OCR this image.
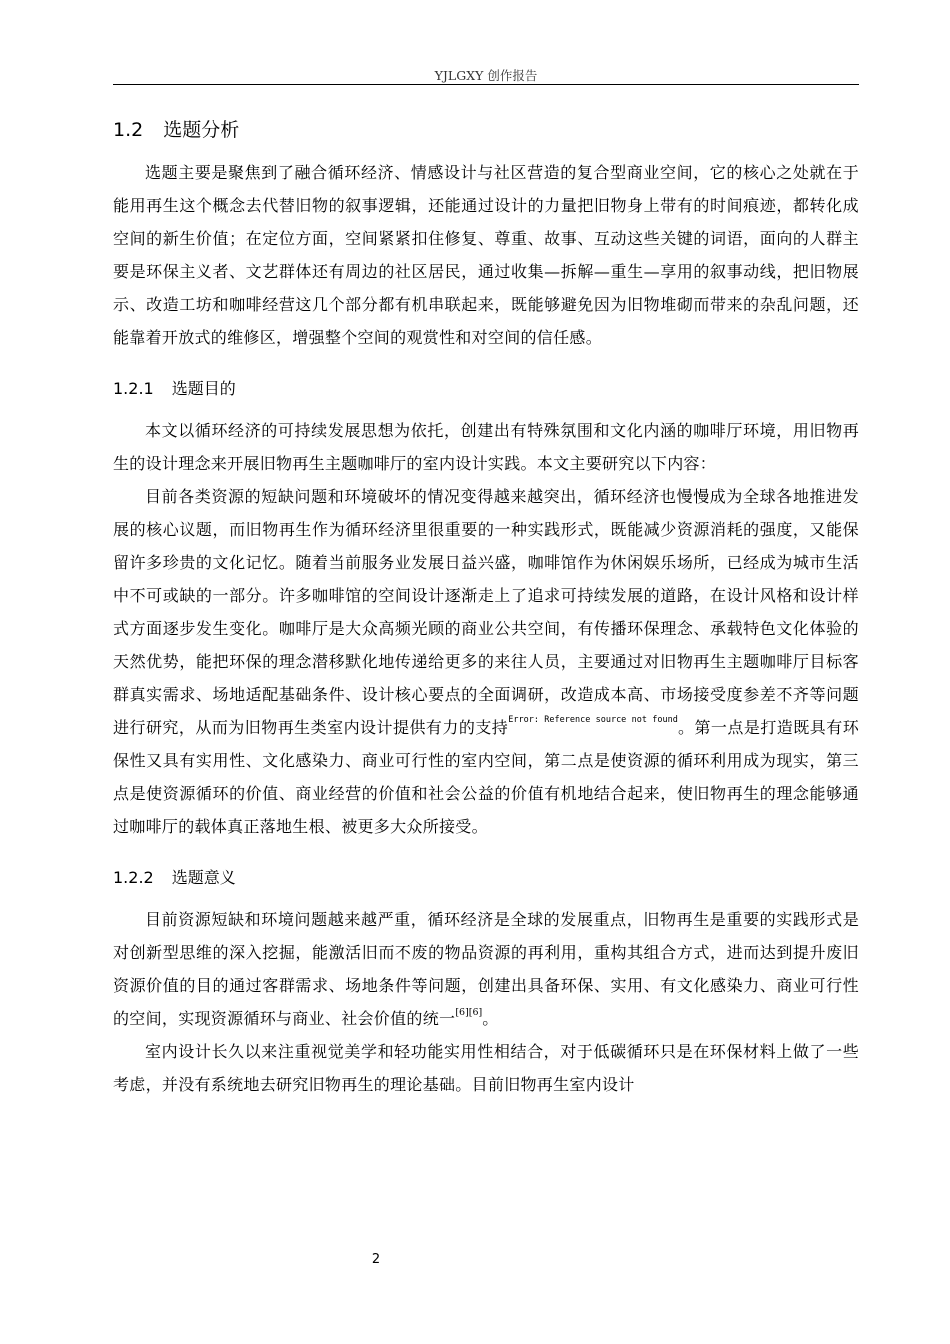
YJLGXY 创作报告
1.2 选题分析

选题主要是聚焦到了融合循环经济、情感设计与社区营造的复合型商业空间，它的核心之处就在于能用再生这个概念去代替旧物的叙事逻辑，还能通过设计的力量把旧物身上带有的时间痕迹，都转化成空间的新生价值；在定位方面，空间紧紧扣住修复、尊重、故事、互动这些关键的词语，面向的人群主要是环保主义者、文艺群体还有周边的社区居民，通过收集—拆解—重生—享用的叙事动线，把旧物展示、改造工坊和咖啡经营这几个部分都有机串联起来，既能够避免因为旧物堆砌而带来的杂乱问题，还能靠着开放式的维修区，增强整个空间的观赏性和对空间的信任感。

1.2.1 选题目的

本文以循环经济的可持续发展思想为依托，创建出有特殊氛围和文化内涵的咖啡厅环境，用旧物再生的设计理念来开展旧物再生主题咖啡厅的室内设计实践。本文主要研究以下内容：

目前各类资源的短缺问题和环境破坏的情况变得越来越突出，循环经济也慢慢成为全球各地推进发展的核心议题，而旧物再生作为循环经济里很重要的一种实践形式，既能减少资源消耗的强度，又能保留许多珍贵的文化记忆。随着当前服务业发展日益兴盛，咖啡馆作为休闲娱乐场所，已经成为城市生活中不可或缺的一部分。许多咖啡馆的空间设计逐渐走上了追求可持续发展的道路，在设计风格和设计样式方面逐步发生变化。咖啡厅是大众高频光顾的商业公共空间，有传播环保理念、承载特色文化体验的天然优势，能把环保的理念潜移默化地传递给更多的来往人员，主要通过对旧物再生主题咖啡厅目标客群真实需求、场地适配基础条件、设计核心要点的全面调研，改造成本高、市场接受度参差不齐等问题进行研究，从而为旧物再生类室内设计提供有力的支持$^{Error: Reference source not found}$。第一点是打造既具有环保性又具有实用性、文化感染力、商业可行性的室内空间，第二点是使资源的循环利用成为现实，第三点是使资源循环的价值、商业经营的价值和社会公益的价值有机地结合起来，使旧物再生的理念能够通过咖啡厅的载体真正落地生根、被更多大众所接受。

1.2.2 选题意义

目前资源短缺和环境问题越来越严重，循环经济是全球的发展重点，旧物再生是重要的实践形式是对创新型思维的深入挖掘，能激活旧而不废的物品资源的再利用，重构其组合方式，进而达到提升废旧资源价值的目的通过客群需求、场地条件等问题，创建出具备环保、实用、有文化感染力、商业可行性的空间，实现资源循环与商业、社会价值的统一[6][6]。

室内设计长久以来注重视觉美学和轻功能实用性相结合，对于低碳循环只是在环保材料上做了一些考虑，并没有系统地去研究旧物再生的理论基础。目前旧物再生室内设计

2
